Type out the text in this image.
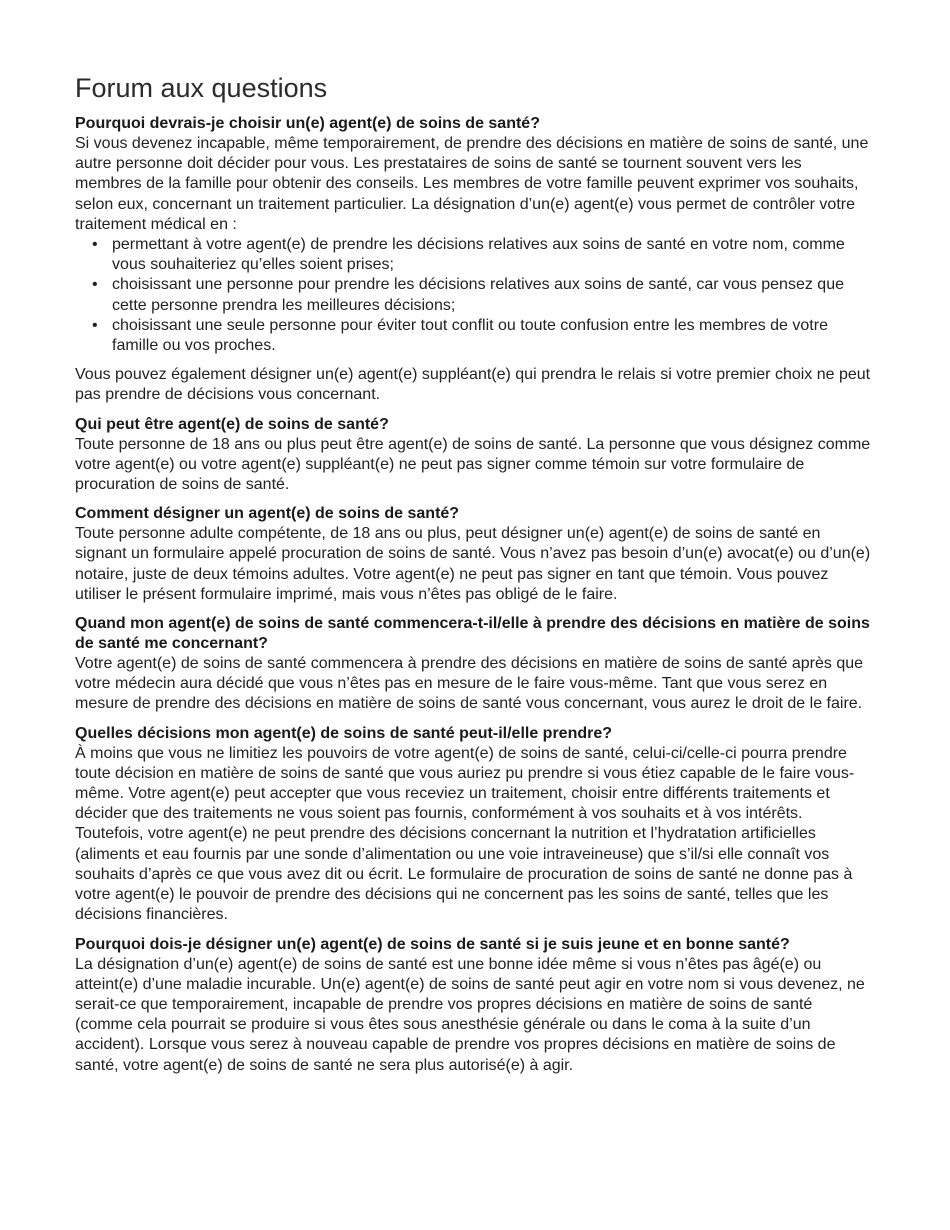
Forum aux questions

Pourquoi devrais-je choisir un(e) agent(e) de soins de santé?

Si vous devenez incapable, même temporairement, de prendre des décisions en matière de soins de santé, une autre personne doit décider pour vous. Les prestataires de soins de santé se tournent souvent vers les membres de la famille pour obtenir des conseils. Les membres de votre famille peuvent exprimer vos souhaits, selon eux, concernant un traitement particulier. La désignation d’un(e) agent(e) vous permet de contrôler votre traitement médical en :

• permettant à votre agent(e) de prendre les décisions relatives aux soins de santé en votre nom, comme vous souhaiteriez qu’elles soient prises;
• choisissant une personne pour prendre les décisions relatives aux soins de santé, car vous pensez que cette personne prendra les meilleures décisions;
• choisissant une seule personne pour éviter tout conflit ou toute confusion entre les membres de votre famille ou vos proches.

Vous pouvez également désigner un(e) agent(e) suppléant(e) qui prendra le relais si votre premier choix ne peut pas prendre de décisions vous concernant.

Qui peut être agent(e) de soins de santé?

Toute personne de 18 ans ou plus peut être agent(e) de soins de santé. La personne que vous désignez comme votre agent(e) ou votre agent(e) suppléant(e) ne peut pas signer comme témoin sur votre formulaire de procuration de soins de santé.

Comment désigner un agent(e) de soins de santé?

Toute personne adulte compétente, de 18 ans ou plus, peut désigner un(e) agent(e) de soins de santé en signant un formulaire appelé procuration de soins de santé. Vous n’avez pas besoin d’un(e) avocat(e) ou d’un(e) notaire, juste de deux témoins adultes. Votre agent(e) ne peut pas signer en tant que témoin. Vous pouvez utiliser le présent formulaire imprimé, mais vous n’êtes pas obligé de le faire.

Quand mon agent(e) de soins de santé commencera-t-il/elle à prendre des décisions en matière de soins de santé me concernant?

Votre agent(e) de soins de santé commencera à prendre des décisions en matière de soins de santé après que votre médecin aura décidé que vous n’êtes pas en mesure de le faire vous-même. Tant que vous serez en mesure de prendre des décisions en matière de soins de santé vous concernant, vous aurez le droit de le faire.

Quelles décisions mon agent(e) de soins de santé peut-il/elle prendre?

À moins que vous ne limitiez les pouvoirs de votre agent(e) de soins de santé, celui-ci/celle-ci pourra prendre toute décision en matière de soins de santé que vous auriez pu prendre si vous étiez capable de le faire vous-même. Votre agent(e) peut accepter que vous receviez un traitement, choisir entre différents traitements et décider que des traitements ne vous soient pas fournis, conformément à vos souhaits et à vos intérêts. Toutefois, votre agent(e) ne peut prendre des décisions concernant la nutrition et l’hydratation artificielles (aliments et eau fournis par une sonde d’alimentation ou une voie intraveineuse) que s’il/si elle connaît vos souhaits d’après ce que vous avez dit ou écrit. Le formulaire de procuration de soins de santé ne donne pas à votre agent(e) le pouvoir de prendre des décisions qui ne concernent pas les soins de santé, telles que les décisions financières.

Pourquoi dois-je désigner un(e) agent(e) de soins de santé si je suis jeune et en bonne santé?

La désignation d’un(e) agent(e) de soins de santé est une bonne idée même si vous n’êtes pas âgé(e) ou atteint(e) d’une maladie incurable. Un(e) agent(e) de soins de santé peut agir en votre nom si vous devenez, ne serait-ce que temporairement, incapable de prendre vos propres décisions en matière de soins de santé (comme cela pourrait se produire si vous êtes sous anesthésie générale ou dans le coma à la suite d’un accident). Lorsque vous serez à nouveau capable de prendre vos propres décisions en matière de soins de santé, votre agent(e) de soins de santé ne sera plus autorisé(e) à agir.
